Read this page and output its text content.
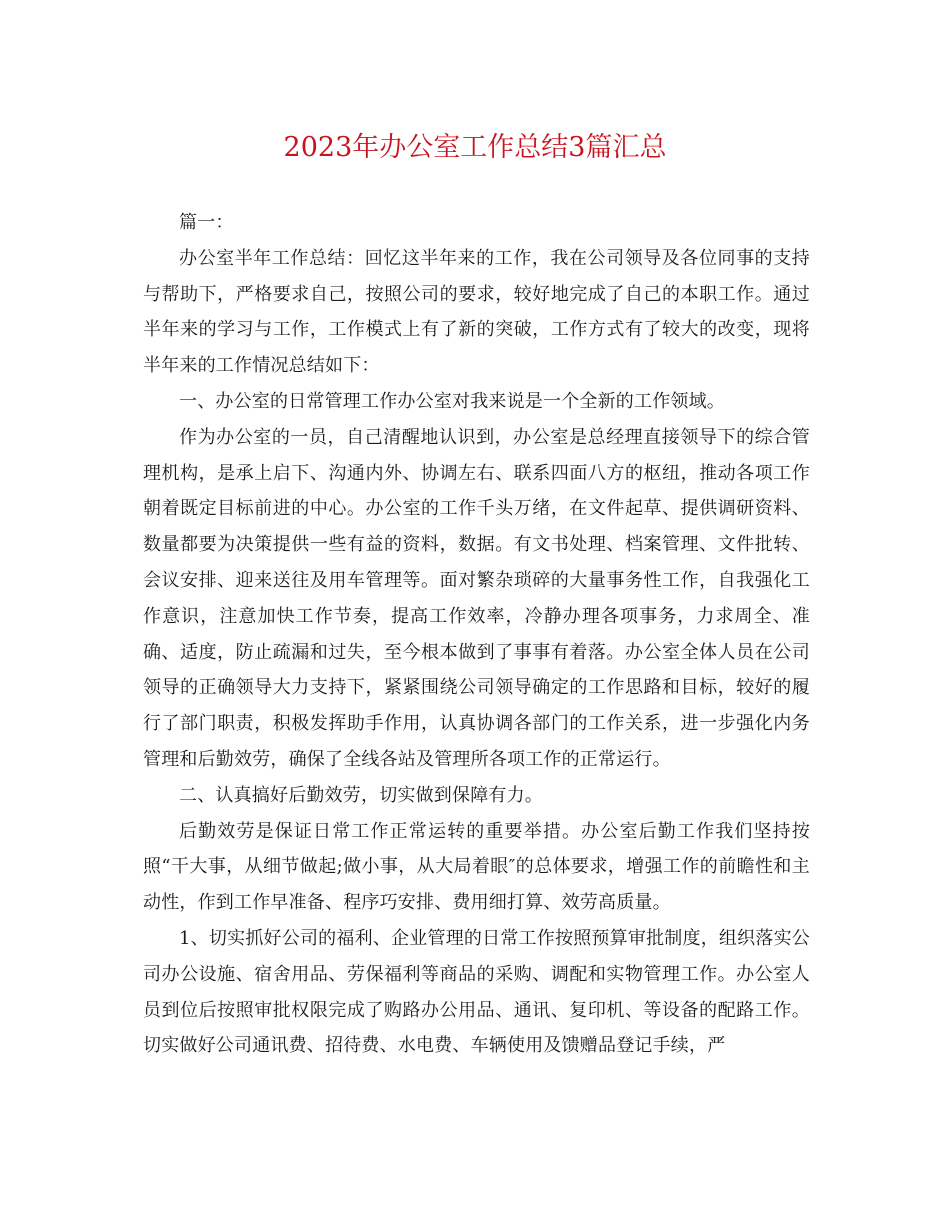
2023年办公室工作总结3篇汇总

篇一：

办公室半年工作总结：回忆这半年来的工作，我在公司领导及各位同事的支持与帮助下，严格要求自己，按照公司的要求，较好地完成了自己的本职工作。通过半年来的学习与工作，工作模式上有了新的突破，工作方式有了较大的改变，现将半年来的工作情况总结如下：

一、办公室的日常管理工作办公室对我来说是一个全新的工作领域。

作为办公室的一员，自己清醒地认识到，办公室是总经理直接领导下的综合管理机构，是承上启下、沟通内外、协调左右、联系四面八方的枢纽，推动各项工作朝着既定目标前进的中心。办公室的工作千头万绪，在文件起草、提供调研资料、数量都要为决策提供一些有益的资料，数据。有文书处理、档案管理、文件批转、会议安排、迎来送往及用车管理等。面对繁杂琐碎的大量事务性工作，自我强化工作意识，注意加快工作节奏，提高工作效率，冷静办理各项事务，力求周全、准确、适度，防止疏漏和过失，至今根本做到了事事有着落。办公室全体人员在公司领导的正确领导大力支持下，紧紧围绕公司领导确定的工作思路和目标，较好的履行了部门职责，积极发挥助手作用，认真协调各部门的工作关系，进一步强化内务管理和后勤效劳，确保了全线各站及管理所各项工作的正常运行。

二、认真搞好后勤效劳，切实做到保障有力。

后勤效劳是保证日常工作正常运转的重要举措。办公室后勤工作我们坚持按照“干大事，从细节做起;做小事，从大局着眼″的总体要求，增强工作的前瞻性和主动性，作到工作早准备、程序巧安排、费用细打算、效劳高质量。

1、切实抓好公司的福利、企业管理的日常工作按照预算审批制度，组织落实公司办公设施、宿舍用品、劳保福利等商品的采购、调配和实物管理工作。办公室人员到位后按照审批权限完成了购路办公用品、通讯、复印机、等设备的配路工作。切实做好公司通讯费、招待费、水电费、车辆使用及馈赠品登记手续，严
